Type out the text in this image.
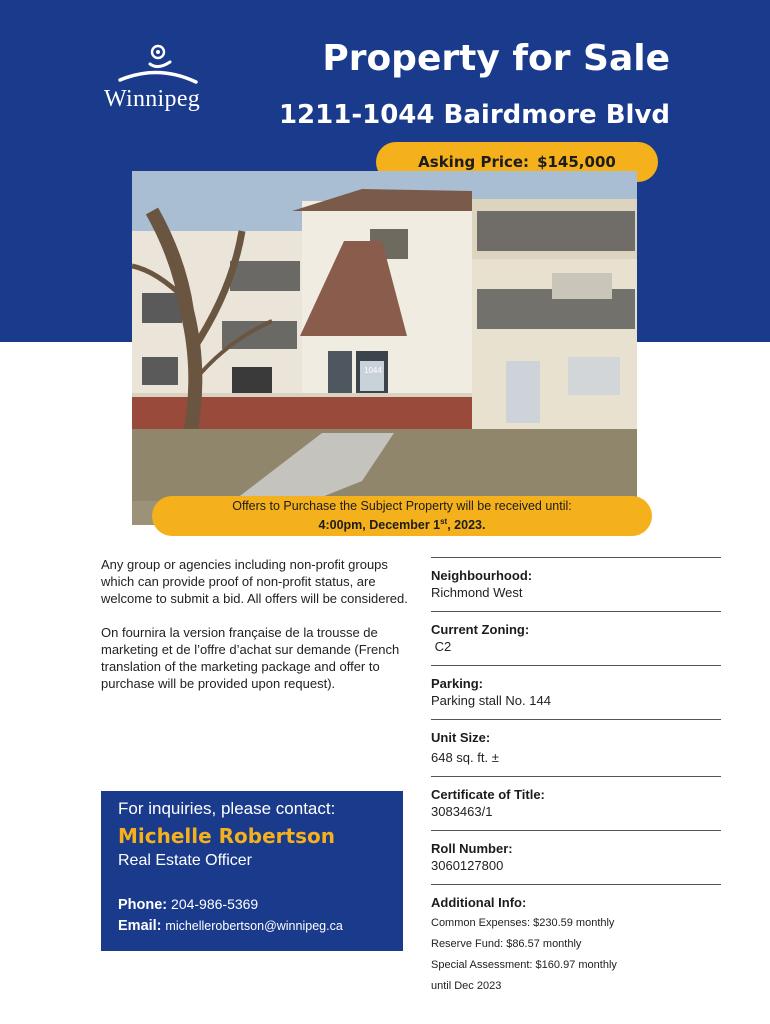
Winnipeg
Property for Sale
1211-1044 Bairdmore Blvd
Asking Price: $145,000
1044
Offers to Purchase the Subject Property will be received until:
4:00pm, December 1st, 2023.

Any group or agencies including non-profit groups which can provide proof of non-profit status, are welcome to submit a bid. All offers will be considered.

On fournira la version française de la trousse de marketing et de l’offre d’achat sur demande (French translation of the marketing package and offer to purchase will be provided upon request).

For inquiries, please contact:

Michelle Robertson

Real Estate Officer

Phone: 204-986-5369

Email: michellerobertson@winnipeg.ca

Neighbourhood:
Richmond West
Current Zoning:
C2
Parking:
Parking stall No. 144
Unit Size:
648 sq. ft. ±
Certificate of Title:
3083463/1
Roll Number:
3060127800
Additional Info:
Common Expenses: $230.59 monthly
Reserve Fund: $86.57 monthly
Special Assessment: $160.97 monthly
until Dec 2023
